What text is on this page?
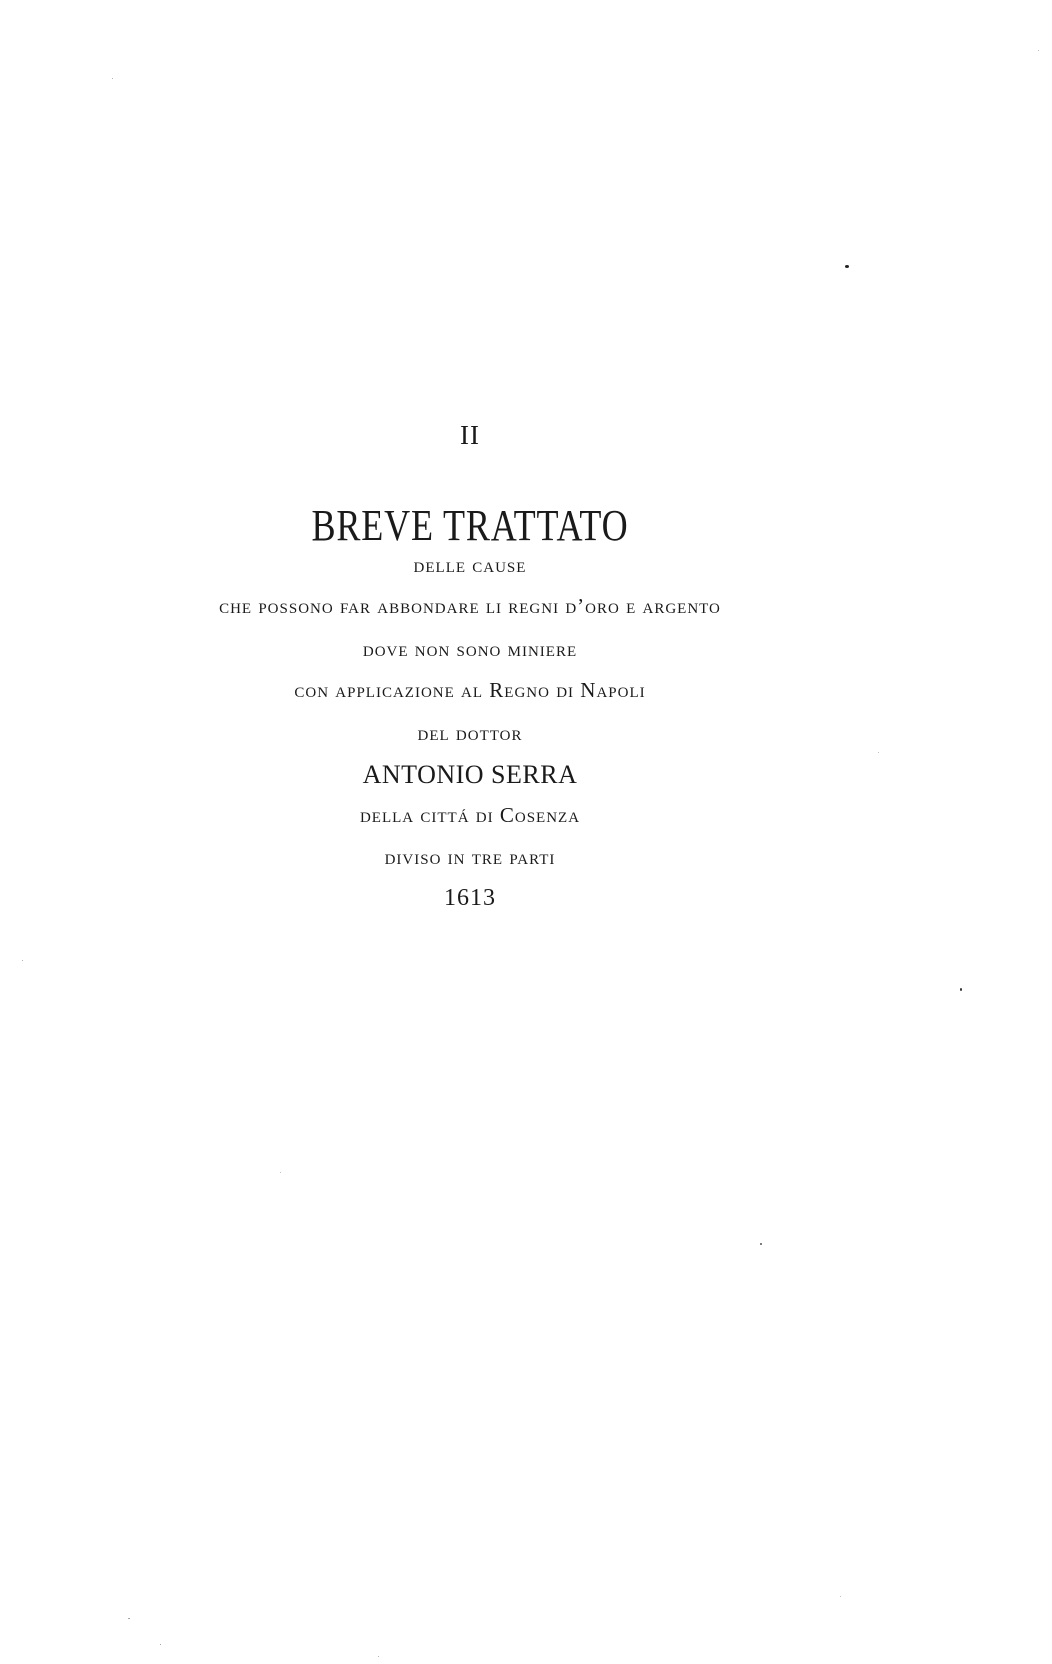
II
BREVE TRATTATO
delle cause
che possono far abbondare li regni d’oro e argento
dove non sono miniere
con applicazione al Regno di Napoli
del dottor
ANTONIO SERRA
della cittá di Cosenza
diviso in tre parti
1613
